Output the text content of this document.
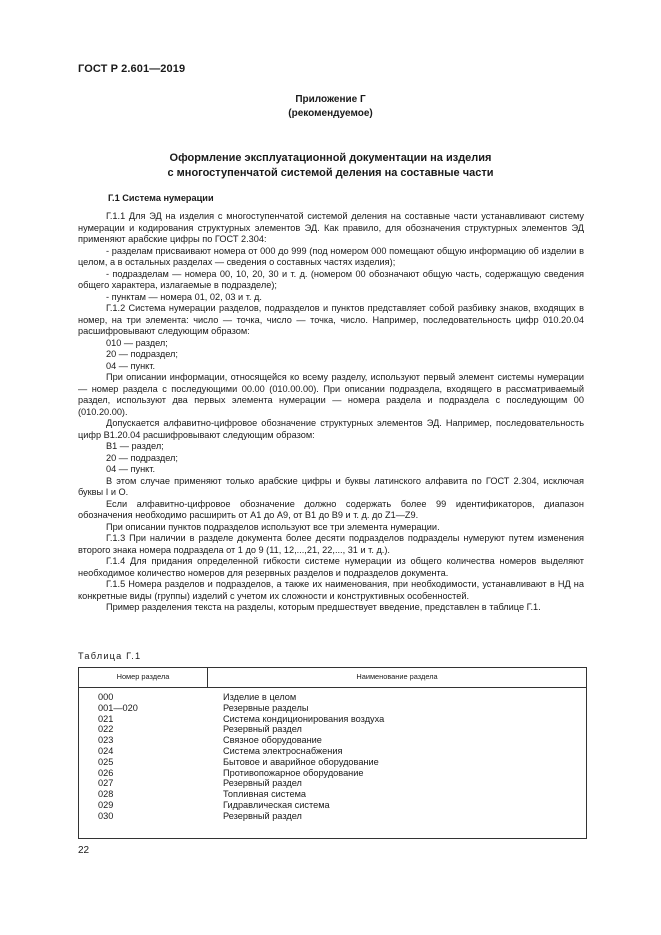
ГОСТ Р 2.601—2019
Приложение Г
(рекомендуемое)
Оформление эксплуатационной документации на изделия
с многоступенчатой системой деления на составные части
Г.1 Система нумерации

Г.1.1 Для ЭД на изделия с многоступенчатой системой деления на составные части устанавливают систему нумерации и кодирования структурных элементов ЭД. Как правило, для обозначения структурных элементов ЭД применяют арабские цифры по ГОСТ 2.304:

- разделам присваивают номера от 000 до 999 (под номером 000 помещают общую информацию об изделии в целом, а в остальных разделах — сведения о составных частях изделия);

- подразделам — номера 00, 10, 20, 30 и т. д. (номером 00 обозначают общую часть, содержащую сведения общего характера, излагаемые в подразделе);

- пунктам — номера 01, 02, 03 и т. д.

Г.1.2 Система нумерации разделов, подразделов и пунктов представляет собой разбивку знаков, входящих в номер, на три элемента: число — точка, число — точка, число. Например, последовательность цифр 010.20.04 расшифровывают следующим образом:

010 — раздел;

20 — подраздел;

04 — пункт.

При описании информации, относящейся ко всему разделу, используют первый элемент системы нумерации — номер раздела с последующими 00.00 (010.00.00). При описании подраздела, входящего в рассматриваемый раздел, используют два первых элемента нумерации — номера раздела и подраздела с последующим 00 (010.20.00).

Допускается алфавитно-цифровое обозначение структурных элементов ЭД. Например, последовательность цифр В1.20.04 расшифровывают следующим образом:

В1 — раздел;

20 — подраздел;

04 — пункт.

В этом случае применяют только арабские цифры и буквы латинского алфавита по ГОСТ 2.304, исключая буквы I и O.

Если алфавитно-цифровое обозначение должно содержать более 99 идентификаторов, диапазон обозначения необходимо расширить от А1 до А9, от В1 до В9 и т. д. до Z1—Z9.

При описании пунктов подразделов используют все три элемента нумерации.

Г.1.3 При наличии в разделе документа более десяти подразделов подразделы нумеруют путем изменения второго знака номера подраздела от 1 до 9 (11, 12,...,21, 22,..., 31 и т. д.).

Г.1.4 Для придания определенной гибкости системе нумерации из общего количества номеров выделяют необходимое количество номеров для резервных разделов и подразделов документа.

Г.1.5 Номера разделов и подразделов, а также их наименования, при необходимости, устанавливают в НД на конкретные виды (группы) изделий с учетом их сложности и конструктивных особенностей.

Пример разделения текста на разделы, которым предшествует введение, представлен в таблице Г.1.

Таблица Г.1
Номер раздела	Наименование раздела
000	Изделие в целом
001—020	Резервные разделы
021	Система кондиционирования воздуха
022	Резервный раздел
023	Связное оборудование
024	Система электроснабжения
025	Бытовое и аварийное оборудование
026	Противопожарное оборудование
027	Резервный раздел
028	Топливная система
029	Гидравлическая система
030	Резервный раздел
22
